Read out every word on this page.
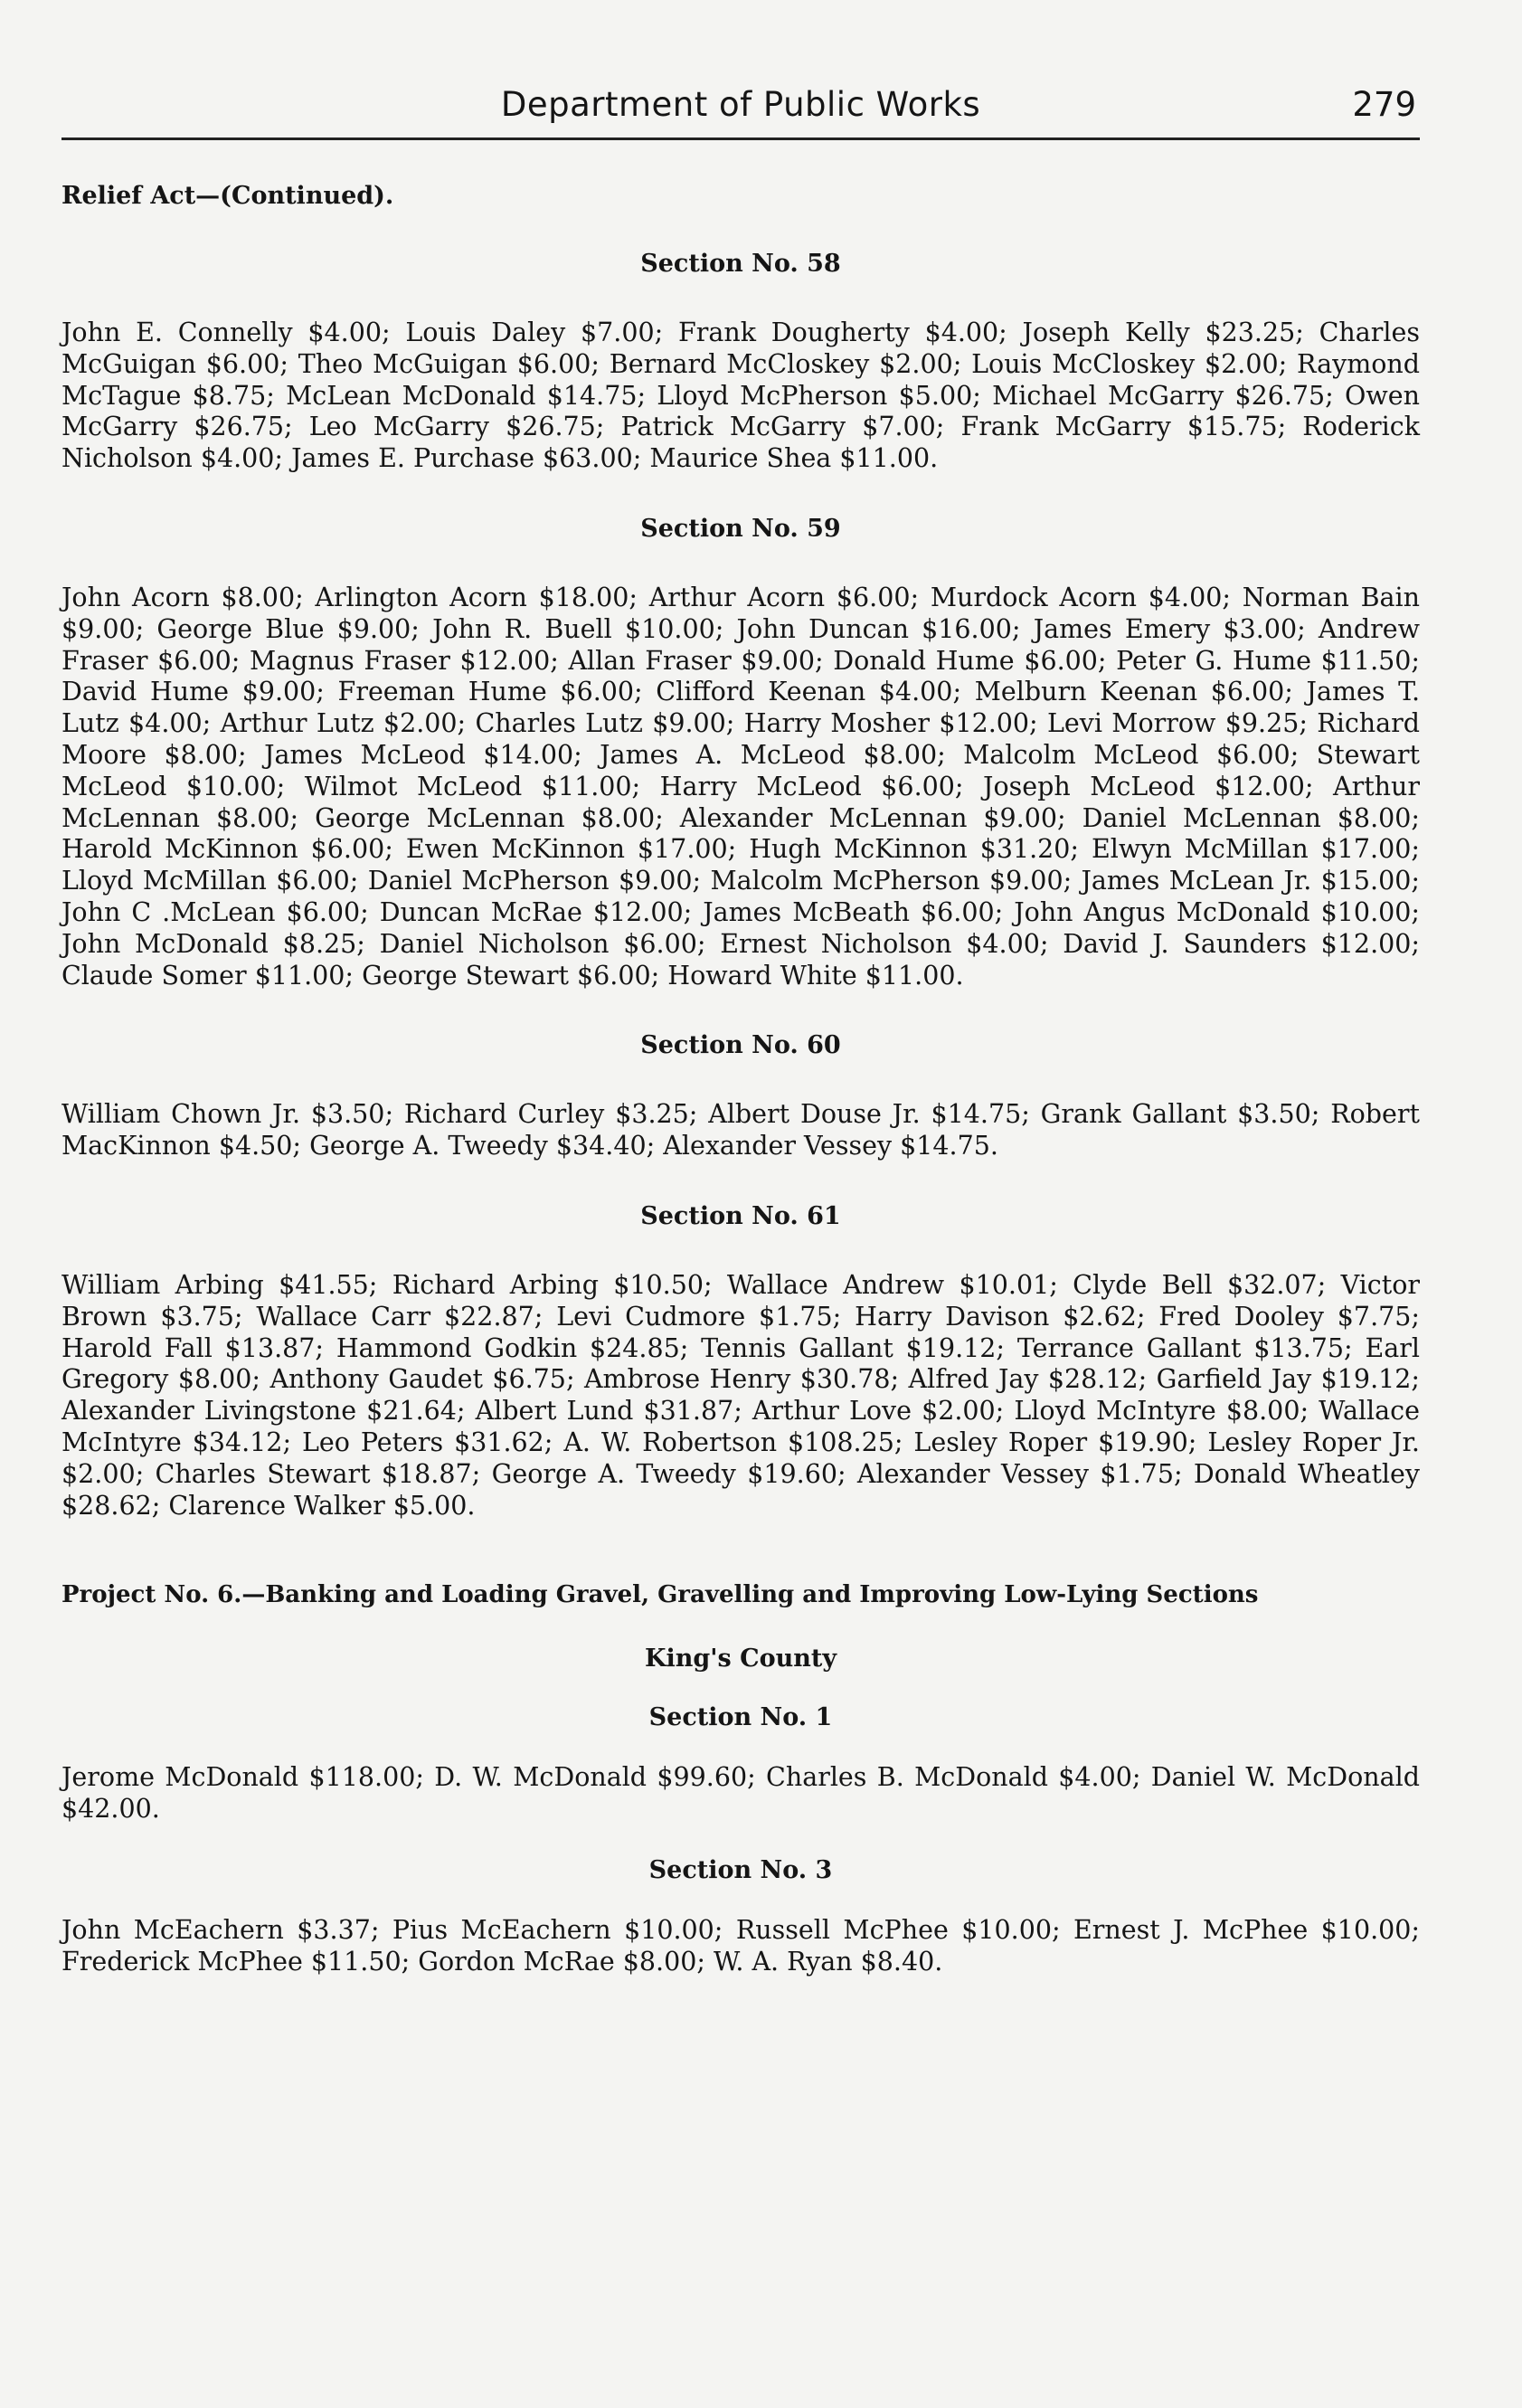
Department of Public Works	279
Relief Act—(Continued).
Section No. 58
John E. Connelly $4.00; Louis Daley $7.00; Frank Dougherty $4.00; Joseph Kelly $23.25; Charles McGuigan $6.00; Theo McGuigan $6.00; Bernard McCloskey $2.00; Louis McCloskey $2.00; Raymond McTague $8.75; McLean McDonald $14.75; Lloyd McPherson $5.00; Michael McGarry $26.75; Owen McGarry $26.75; Leo McGarry $26.75; Patrick McGarry $7.00; Frank McGarry $15.75; Roderick Nicholson $4.00; James E. Purchase $63.00; Maurice Shea $11.00.
Section No. 59
John Acorn $8.00; Arlington Acorn $18.00; Arthur Acorn $6.00; Murdock Acorn $4.00; Norman Bain $9.00; George Blue $9.00; John R. Buell $10.00; John Duncan $16.00; James Emery $3.00; Andrew Fraser $6.00; Magnus Fraser $12.00; Allan Fraser $9.00; Donald Hume $6.00; Peter G. Hume $11.50; David Hume $9.00; Freeman Hume $6.00; Clifford Keenan $4.00; Melburn Keenan $6.00; James T. Lutz $4.00; Arthur Lutz $2.00; Charles Lutz $9.00; Harry Mosher $12.00; Levi Morrow $9.25; Richard Moore $8.00; James McLeod $14.00; James A. McLeod $8.00; Malcolm McLeod $6.00; Stewart McLeod $10.00; Wilmot McLeod $11.00; Harry McLeod $6.00; Joseph McLeod $12.00; Arthur McLennan $8.00; George McLennan $8.00; Alexander McLennan $9.00; Daniel McLennan $8.00; Harold McKinnon $6.00; Ewen McKinnon $17.00; Hugh McKinnon $31.20; Elwyn McMillan $17.00; Lloyd McMillan $6.00; Daniel McPherson $9.00; Malcolm McPherson $9.00; James McLean Jr. $15.00; John C .McLean $6.00; Duncan McRae $12.00; James McBeath $6.00; John Angus McDonald $10.00; John McDonald $8.25; Daniel Nicholson $6.00; Ernest Nicholson $4.00; David J. Saunders $12.00; Claude Somer $11.00; George Stewart $6.00; Howard White $11.00.
Section No. 60
William Chown Jr. $3.50; Richard Curley $3.25; Albert Douse Jr. $14.75; Grank Gallant $3.50; Robert MacKinnon $4.50; George A. Tweedy $34.40; Alexander Vessey $14.75.
Section No. 61
William Arbing $41.55; Richard Arbing $10.50; Wallace Andrew $10.01; Clyde Bell $32.07; Victor Brown $3.75; Wallace Carr $22.87; Levi Cudmore $1.75; Harry Davison $2.62; Fred Dooley $7.75; Harold Fall $13.87; Hammond Godkin $24.85; Tennis Gallant $19.12; Terrance Gallant $13.75; Earl Gregory $8.00; Anthony Gaudet $6.75; Ambrose Henry $30.78; Alfred Jay $28.12; Garfield Jay $19.12; Alexander Livingstone $21.64; Albert Lund $31.87; Arthur Love $2.00; Lloyd McIntyre $8.00; Wallace McIntyre $34.12; Leo Peters $31.62; A. W. Robertson $108.25; Lesley Roper $19.90; Lesley Roper Jr. $2.00; Charles Stewart $18.87; George A. Tweedy $19.60; Alexander Vessey $1.75; Donald Wheatley $28.62; Clarence Walker $5.00.
Project No. 6.—Banking and Loading Gravel, Gravelling and Improving Low-Lying Sections
King's County
Section No. 1
Jerome McDonald $118.00; D. W. McDonald $99.60; Charles B. McDonald $4.00; Daniel W. McDonald $42.00.
Section No. 3
John McEachern $3.37; Pius McEachern $10.00; Russell McPhee $10.00; Ernest J. McPhee $10.00; Frederick McPhee $11.50; Gordon McRae $8.00; W. A. Ryan $8.40.
